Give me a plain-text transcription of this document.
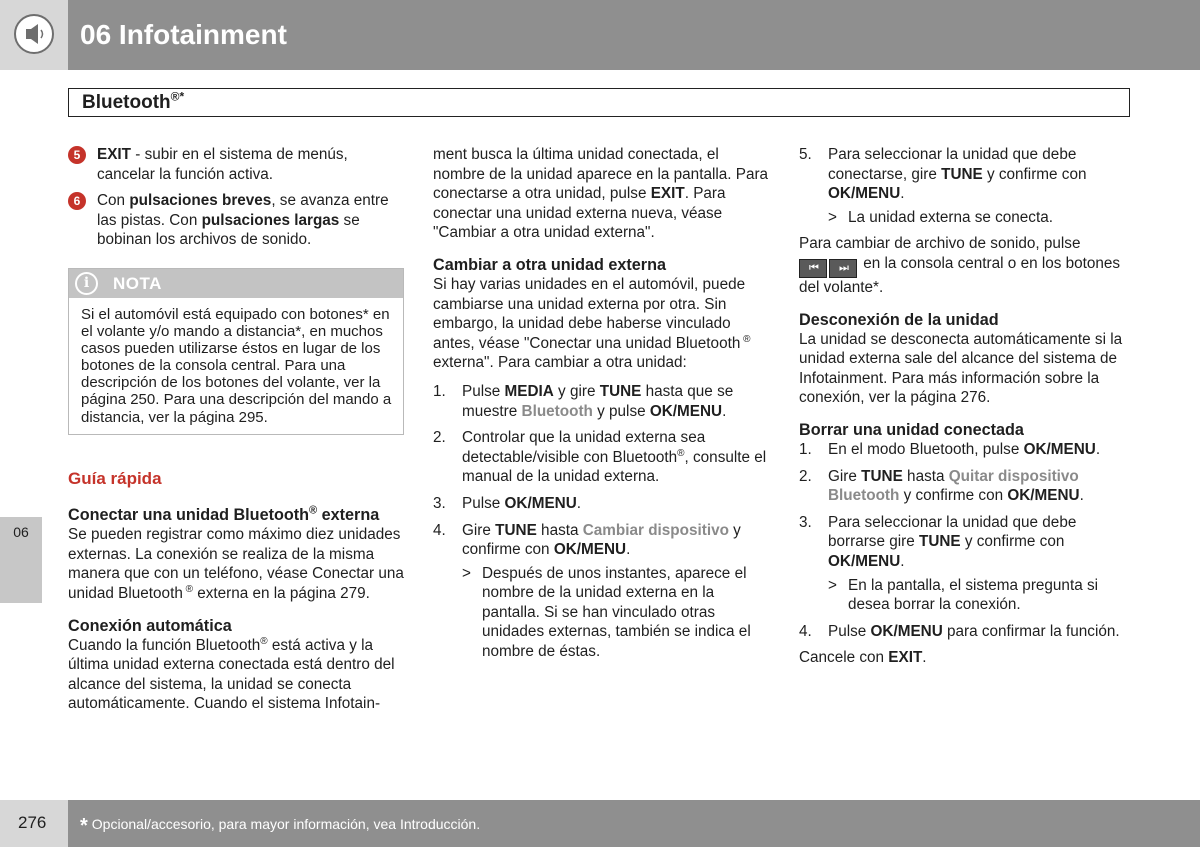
06 Infotainment
Bluetooth®*
5	EXIT - subir en el sistema de menús, cancelar la función activa.
6	Con pulsaciones breves, se avanza entre las pistas. Con pulsaciones largas se bobinan los archivos de sonido.
i	NOTA
Si el automóvil está equipado con botones* en el volante y/o mando a distancia*, en muchos casos pueden utilizarse éstos en lugar de los botones de la consola central. Para una descripción de los botones del volante, ver la página 250. Para una descripción del mando a distancia, ver la página 295.
Guía rápida
Conectar una unidad Bluetooth® externa

Se pueden registrar como máximo diez unidades externas. La conexión se realiza de la misma manera que con un teléfono, véase Conectar una unidad Bluetooth ® externa en la página 279.

Conexión automática

Cuando la función Bluetooth® está activa y la última unidad externa conectada está dentro del alcance del sistema, la unidad se conecta automáticamente. Cuando el sistema Infotain-

ment busca la última unidad conectada, el nombre de la unidad aparece en la pantalla. Para conectarse a otra unidad, pulse EXIT. Para conectar una unidad externa nueva, véase "Cambiar a otra unidad externa".

Cambiar a otra unidad externa

Si hay varias unidades en el automóvil, puede cambiarse una unidad externa por otra. Sin embargo, la unidad debe haberse vinculado antes, véase "Conectar una unidad Bluetooth ® externa". Para cambiar a otra unidad:

1.	Pulse MEDIA y gire TUNE hasta que se muestre Bluetooth y pulse OK/MENU.
2.	Controlar que la unidad externa sea detectable/visible con Bluetooth®, consulte el manual de la unidad externa.
3.	Pulse OK/MENU.
4.	Gire TUNE hasta Cambiar dispositivo y confirme con OK/MENU.
> Después de unos instantes, aparece el nombre de la unidad externa en la pantalla. Si se han vinculado otras unidades externas, también se indica el nombre de éstas.
5.	Para seleccionar la unidad que debe conectarse, gire TUNE y confirme con OK/MENU.
> La unidad externa se conecta.

Para cambiar de archivo de sonido, pulse
⏮ ⏭ en la consola central o en los botones del volante*.

Desconexión de la unidad

La unidad se desconecta automáticamente si la unidad externa sale del alcance del sistema de Infotainment. Para más información sobre la conexión, ver la página 276.

Borrar una unidad conectada
1.	En el modo Bluetooth, pulse OK/MENU.
2.	Gire TUNE hasta Quitar dispositivo Bluetooth y confirme con OK/MENU.
3.	Para seleccionar la unidad que debe borrarse gire TUNE y confirme con OK/MENU.
> En la pantalla, el sistema pregunta si desea borrar la conexión.
4.	Pulse OK/MENU para confirmar la función.

Cancele con EXIT.

06
276 * Opcional/accesorio, para mayor información, vea Introducción.
